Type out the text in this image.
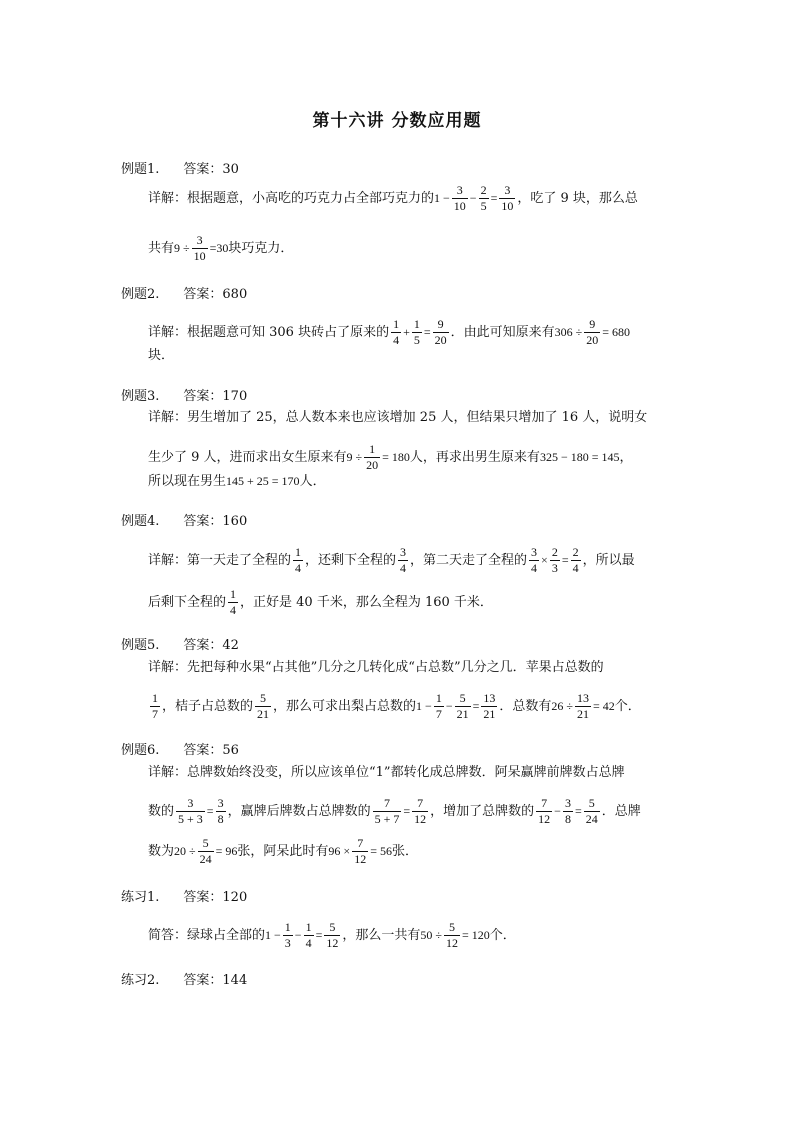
第十六讲 分数应用题
例题1. 答案：30
详解：根据题意，小高吃的巧克力占全部巧克力的$1 - \frac{3}{10} - \frac{2}{5} = \frac{3}{10}$ ，吃了 9 块，那么总
共有$9 \div \frac{3}{10} =30$块巧克力．
例题2. 答案：680
详解：根据题意可知 306 块砖占了原来的 $\frac{1}{4} + \frac{1}{5} = \frac{9}{20}$ ．由此可知原来有$306 \div \frac{9}{20} = 680$
块．
例题3. 答案：170
详解：男生增加了 25，总人数本来也应该增加 25 人，但结果只增加了 16 人，说明女
生少了 9 人，进而求出女生原来有$9 \div \frac{1}{20} = 180$人，再求出男生原来有325 − 180 = 145，
所以现在男生145 + 25 = 170人．
例题4. 答案：160
详解：第一天走了全程的 $\frac{1}{4}$ ，还剩下全程的 $\frac{3}{4}$ ，第二天走了全程的 $\frac{3}{4} \times \frac{2}{3} = \frac{2}{4}$ ，所以最
后剩下全程的 $\frac{1}{4}$ ，正好是 40 千米，那么全程为 160 千米．
例题5. 答案：42
详解：先把每种水果“占其他”几分之几转化成“占总数”几分之几．苹果占总数的
$\frac{1}{7}$ ，桔子占总数的 $\frac{5}{21}$ ，那么可求出梨占总数的$1 - \frac{1}{7} - \frac{5}{21} = \frac{13}{21}$ ．总数有$26 \div \frac{13}{21} = 42$个．
例题6. 答案：56
详解：总牌数始终没变，所以应该单位“1”都转化成总牌数．阿呆赢牌前牌数占总牌
数的 $\frac{3}{5 + 3} = \frac{3}{8}$ ，赢牌后牌数占总牌数的 $\frac{7}{5 + 7} = \frac{7}{12}$ ，增加了总牌数的 $\frac{7}{12} - \frac{3}{8} = \frac{5}{24}$ ．总牌
数为$20 \div \frac{5}{24} = 96$张，阿呆此时有$96 \times \frac{7}{12} = 56$张．
练习1. 答案：120
简答：绿球占全部的$1 - \frac{1}{3} - \frac{1}{4} = \frac{5}{12}$ ，那么一共有$50 \div \frac{5}{12} = 120$个．
练习2. 答案：144
